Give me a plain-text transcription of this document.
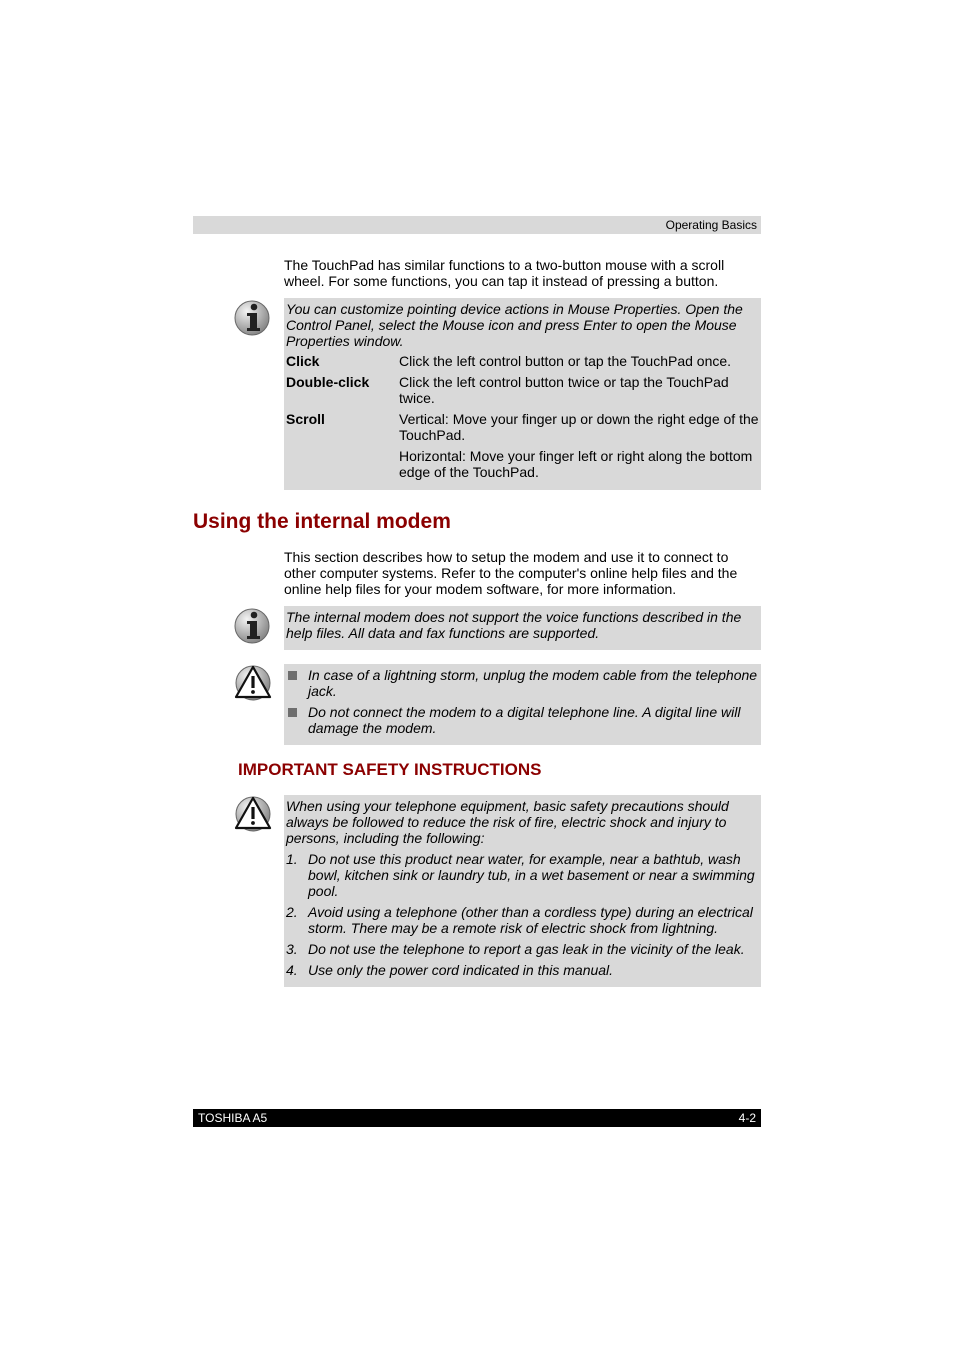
Operating Basics
The TouchPad has similar functions to a two-button mouse with a scroll wheel. For some functions, you can tap it instead of pressing a button.
You can customize pointing device actions in Mouse Properties. Open the Control Panel, select the Mouse icon and press Enter to open the Mouse Properties window.
Click	Click the left control button or tap the TouchPad once.
Double-click	Click the left control button twice or tap the TouchPad twice.
Scroll	Vertical: Move your finger up or down the right edge of the TouchPad.
Horizontal: Move your finger left or right along the bottom edge of the TouchPad.
Using the internal modem
This section describes how to setup the modem and use it to connect to other computer systems. Refer to the computer's online help files and the online help files for your modem software, for more information.
The internal modem does not support the voice functions described in the help files. All data and fax functions are supported.
In case of a lightning storm, unplug the modem cable from the telephone jack.
Do not connect the modem to a digital telephone line. A digital line will damage the modem.
IMPORTANT SAFETY INSTRUCTIONS
When using your telephone equipment, basic safety precautions should always be followed to reduce the risk of fire, electric shock and injury to persons, including the following:
1. Do not use this product near water, for example, near a bathtub, wash bowl, kitchen sink or laundry tub, in a wet basement or near a swimming pool.
2. Avoid using a telephone (other than a cordless type) during an electrical storm. There may be a remote risk of electric shock from lightning.
3. Do not use the telephone to report a gas leak in the vicinity of the leak.
4. Use only the power cord indicated in this manual.
TOSHIBA A5	4-2
